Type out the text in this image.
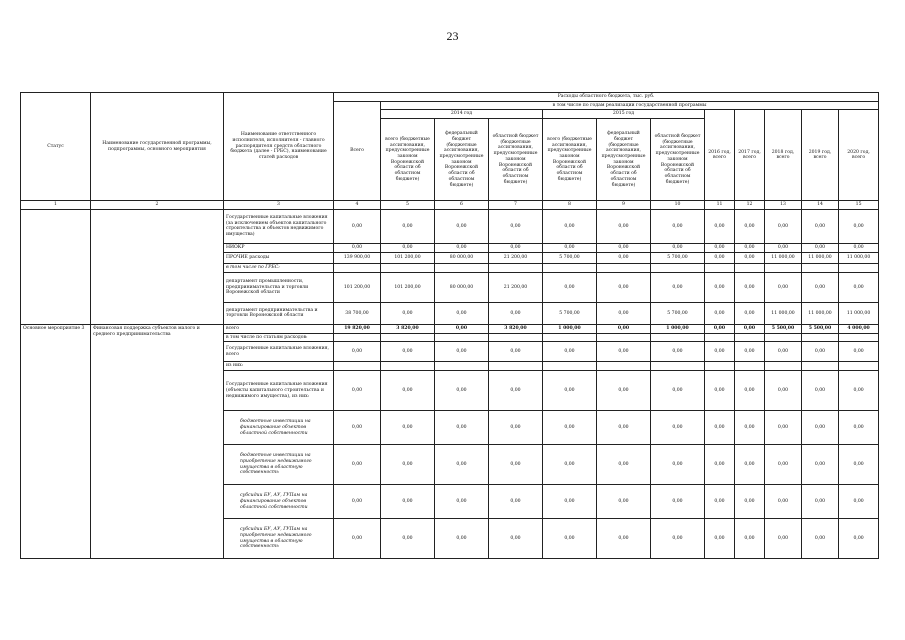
23
Статус	Наименование государственной программы, подпрограммы, основного мероприятия	Наименование ответственного исполнителя, исполнителя - главного распорядителя средств областного бюджета (далее - ГРБС), наименование статей расходов	Расходы областного бюджета, тыс. руб.											
			Всего	в том числе по годам реализации государственной программы										
				2014 год			2015 год			2016 год, всего	2017 год, всего	2018 год, всего	2019 год, всего	2020 год, всего
				всего (бюджетные ассигнования, предусмотренные законом Воронежской области об областном бюджете)	федеральный бюджет (бюджетные ассигнования, предусмотренные законом Воронежской области об областном бюджете)	областной бюджет (бюджетные ассигнования, предусмотренные законом Воронежской области об областном бюджете)	всего (бюджетные ассигнования, предусмотренные законом Воронежской области об областном бюджете)	федеральный бюджет (бюджетные ассигнования, предусмотренные законом Воронежской области об областном бюджете)	областной бюджет (бюджетные ассигнования, предусмотренные законом Воронежской области об областном бюджете)					
1	2	3	4	5	6	7	8	9	10	11	12	13	14	15
		Государственные капитальные вложения (за исключением объектов капитального строительства и объектов недвижимого имущества)	0,00	0,00	0,00	0,00	0,00	0,00	0,00	0,00	0,00	0,00	0,00	0,00
		НИОКР	0,00	0,00	0,00	0,00	0,00	0,00	0,00	0,00	0,00	0,00	0,00	0,00
		ПРОЧИЕ расходы	139 900,00	101 200,00	80 000,00	21 200,00	5 700,00	0,00	5 700,00	0,00	0,00	11 000,00	11 000,00	11 000,00
		в том числе по ГРБС:												
		департамент промышленности, предпринимательства и торговли Воронежской области	101 200,00	101 200,00	80 000,00	21 200,00	0,00	0,00	0,00	0,00	0,00	0,00	0,00	0,00
		департамент предпринимательства и торговли Воронежской области	38 700,00	0,00	0,00	0,00	5 700,00	0,00	5 700,00	0,00	0,00	11 000,00	11 000,00	11 000,00
Основное мероприятие 3	Финансовая поддержка субъектов малого и среднего предпринимательства	всего	19 820,00	3 820,00	0,00	3 820,00	1 000,00	0,00	1 000,00	0,00	0,00	5 500,00	5 500,00	4 000,00
		в том числе по статьям расходов:												
		Государственные капитальные вложения, всего	0,00	0,00	0,00	0,00	0,00	0,00	0,00	0,00	0,00	0,00	0,00	0,00
		из них:												
		Государственные капитальные вложения (объекты капитального строительства и недвижимого имущества), из них:	0,00	0,00	0,00	0,00	0,00	0,00	0,00	0,00	0,00	0,00	0,00	0,00
		бюджетные инвестиции на финансирование объектов областной собственности	0,00	0,00	0,00	0,00	0,00	0,00	0,00	0,00	0,00	0,00	0,00	0,00
		бюджетные инвестиции на приобретение недвижимого имущества в областную собственность	0,00	0,00	0,00	0,00	0,00	0,00	0,00	0,00	0,00	0,00	0,00	0,00
		субсидии БУ, АУ, ГУПам на финансирование объектов областной собственности	0,00	0,00	0,00	0,00	0,00	0,00	0,00	0,00	0,00	0,00	0,00	0,00
		субсидии БУ, АУ, ГУПам на приобретение недвижимого имущества в областную собственность	0,00	0,00	0,00	0,00	0,00	0,00	0,00	0,00	0,00	0,00	0,00	0,00
